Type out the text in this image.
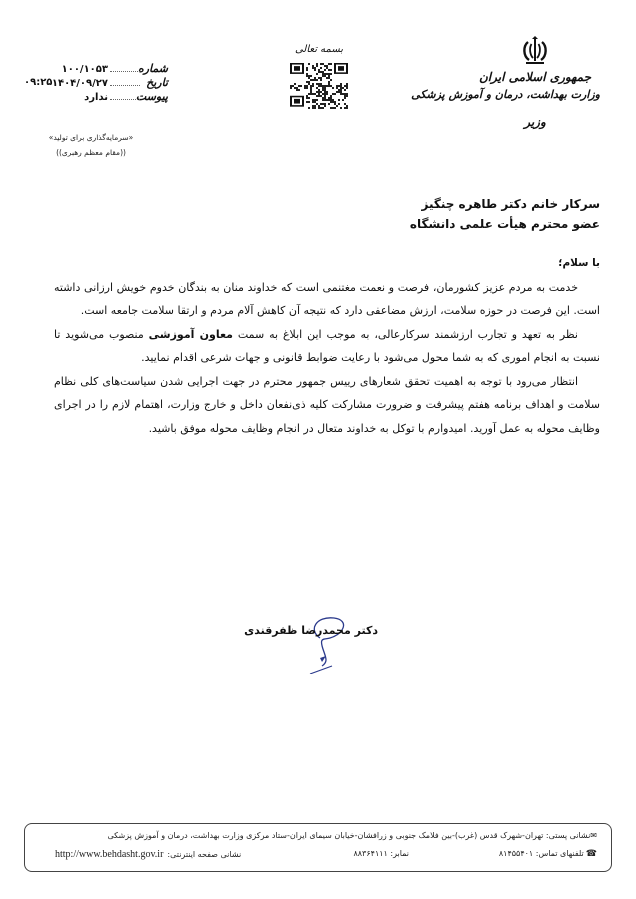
جمهوری اسلامی ایران
وزارت بهداشت، درمان و آموزش پزشکی
وزیر
بسمه تعالی
شماره
۱۰۰/۱۰۵۳
تاریخ
۱۴۰۴/۰۹/۲۷
پیوست
ندارد
۰۹:۲۵
«سرمایه‌گذاری برای تولید»
((مقام معظم رهبری))
سرکار خانم دکتر طاهره چنگیز
عضو محترم هیأت علمی دانشگاه
با سلام؛

خدمت به مردم عزیز کشورمان، فرصت و نعمت مغتنمی است که خداوند منان به بندگان خدوم خویش ارزانی داشته است. این فرصت در حوزه سلامت، ارزش مضاعفی دارد که نتیجه آن کاهش آلام مردم و ارتقا سلامت جامعه است.

نظر به تعهد و تجارب ارزشمند سرکارعالی، به موجب این ابلاغ به سمت معاون آموزشی منصوب می‌شوید تا نسبت به انجام اموری که به شما محول می‌شود با رعایت ضوابط قانونی و جهات شرعی اقدام نمایید.

انتظار می‌رود با توجه به اهمیت تحقق شعارهای رییس جمهور محترم در جهت اجرایی شدن سیاست‌های کلی نظام سلامت و اهداف برنامه هفتم پیشرفت و ضرورت مشارکت کلیه ذی‌نفعان داخل و خارج وزارت، اهتمام لازم را در اجرای وظایف محوله به عمل آورید. امیدوارم با توکل به خداوند متعال در انجام وظایف محوله موفق باشید.

دکتر محمدرضا ظفرقندی
✉نشانی پستی: تهران-شهرک قدس (غرب)-بین فلامک جنوبی و زرافشان-خیابان سیمای ایران-ستاد مرکزی وزارت بهداشت، درمان و آموزش پزشکی
☎تلفنهای تماس: ۸۱۴۵۵۴۰۱
نمابر: ۸۸۳۶۴۱۱۱
نشانی صفحه اینترنتی:http://www.behdasht.gov.ir
